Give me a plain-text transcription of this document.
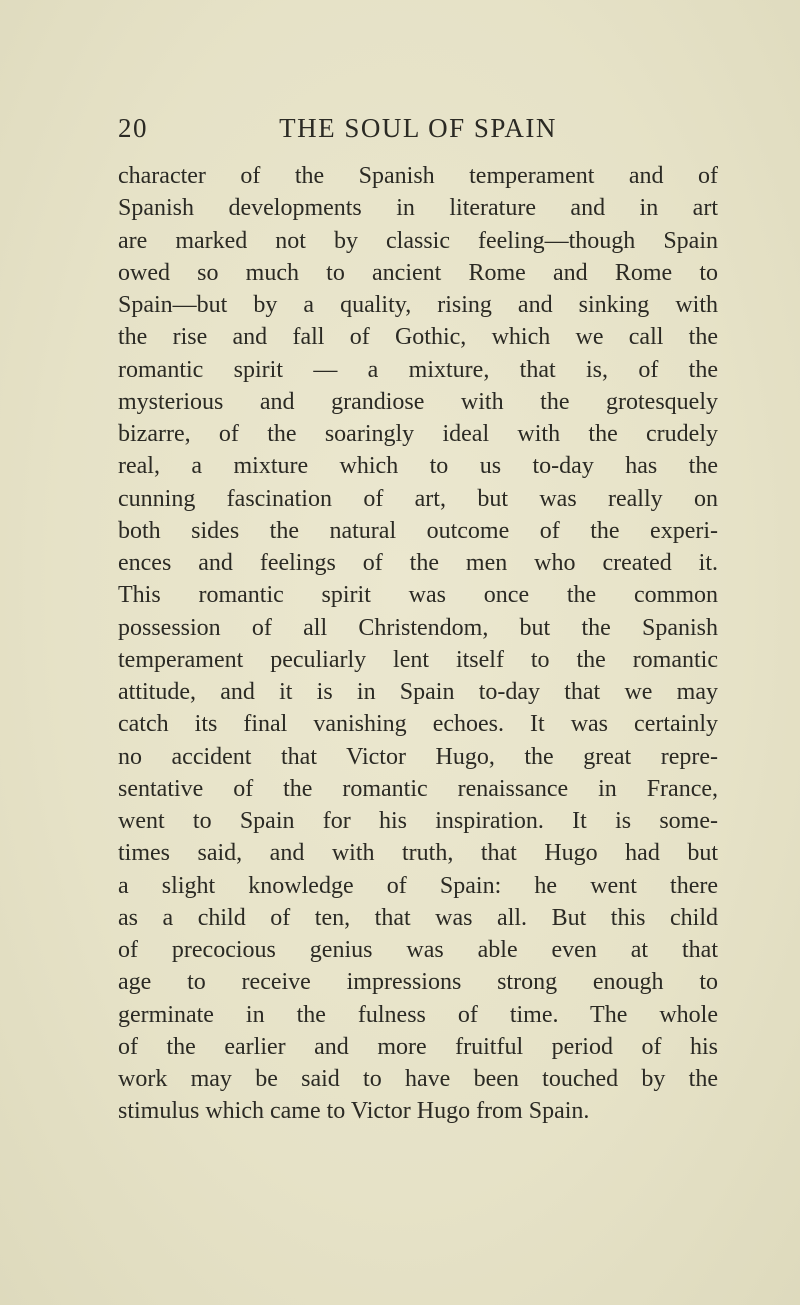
20	THE SOUL OF SPAIN
character of the Spanish temperament and of
Spanish developments in literature and in art
are marked not by classic feeling—though Spain
owed so much to ancient Rome and Rome to
Spain—but by a quality, rising and sinking with
the rise and fall of Gothic, which we call the
romantic spirit — a mixture, that is, of the
mysterious and grandiose with the grotesquely
bizarre, of the soaringly ideal with the crudely
real, a mixture which to us to-day has the
cunning fascination of art, but was really on
both sides the natural outcome of the experi-
ences and feelings of the men who created it.
This romantic spirit was once the common
possession of all Christendom, but the Spanish
temperament peculiarly lent itself to the romantic
attitude, and it is in Spain to-day that we may
catch its final vanishing echoes. It was certainly
no accident that Victor Hugo, the great repre-
sentative of the romantic renaissance in France,
went to Spain for his inspiration. It is some-
times said, and with truth, that Hugo had but
a slight knowledge of Spain: he went there
as a child of ten, that was all. But this child
of precocious genius was able even at that
age to receive impressions strong enough to
germinate in the fulness of time. The whole
of the earlier and more fruitful period of his
work may be said to have been touched by the
stimulus which came to Victor Hugo from Spain.
